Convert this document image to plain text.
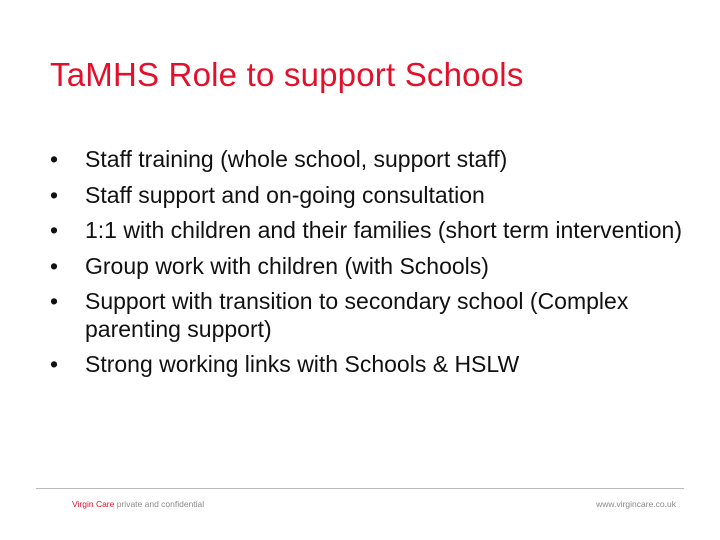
TaMHS Role to support Schools
• Staff training (whole school, support staff)
• Staff support and on-going consultation
• 1:1 with children and their families (short term intervention)
• Group work with children (with Schools)
• Support with transition to secondary school (Complex parenting support)
• Strong working links with Schools & HSLW
Virgin Care private and confidential	www.virgincare.co.uk
